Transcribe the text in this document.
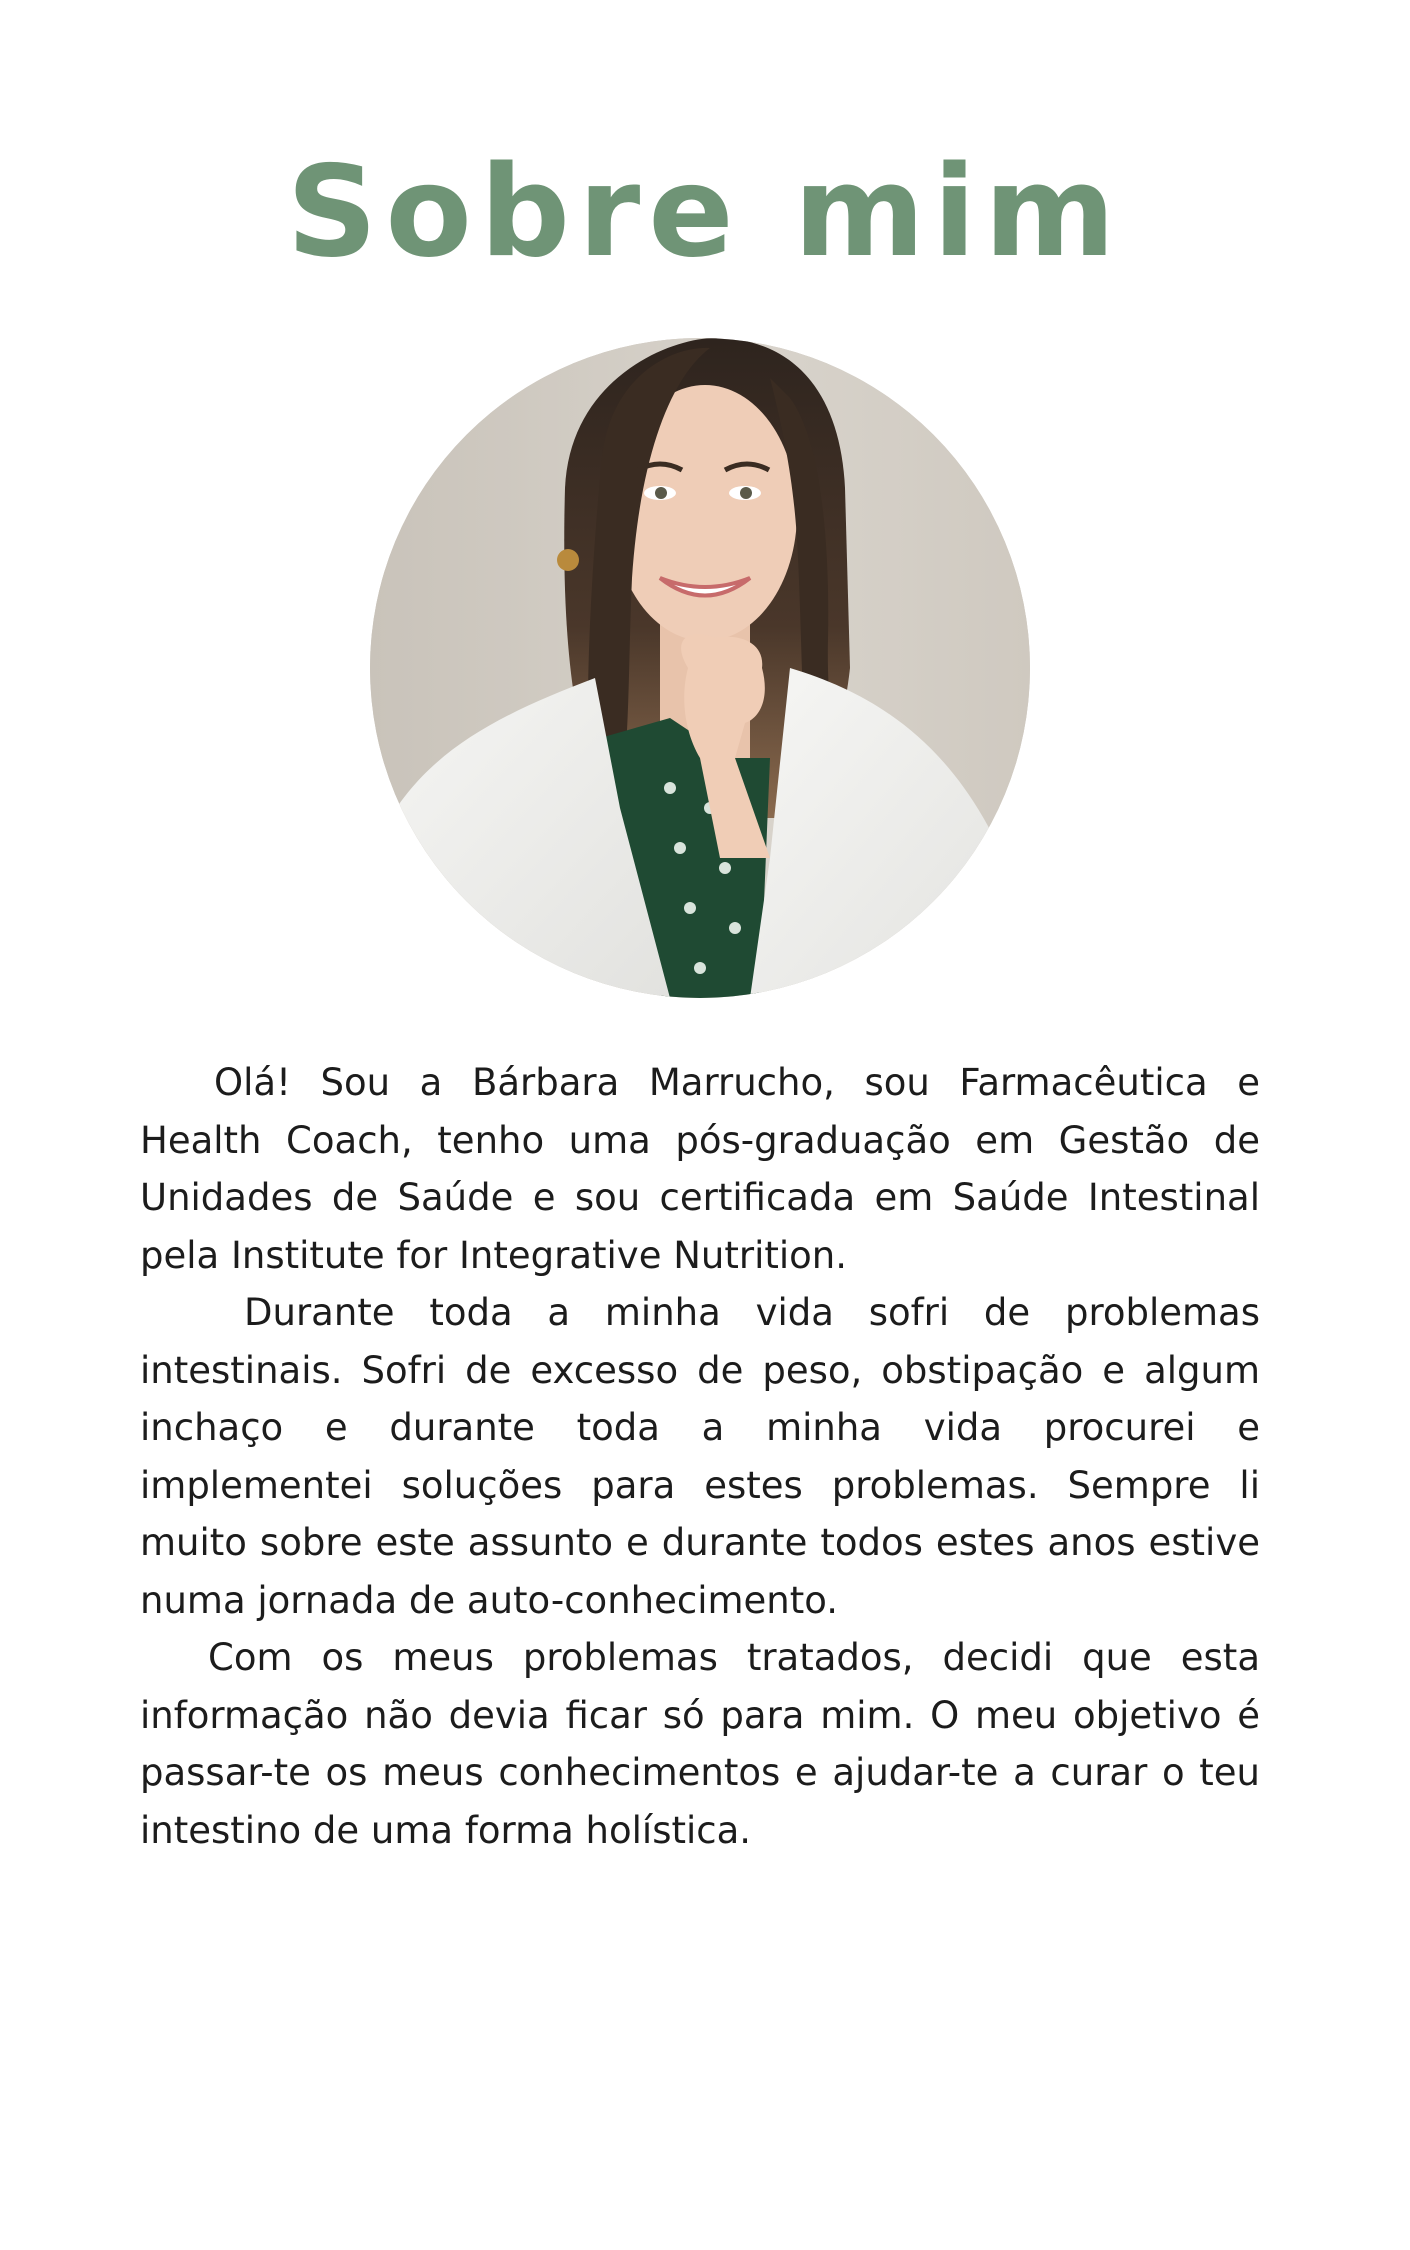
Sobre mim

Olá! Sou a Bárbara Marrucho, sou Farmacêutica e Health Coach, tenho uma pós-graduação em Gestão de Unidades de Saúde e sou certificada em Saúde Intestinal pela Institute for Integrative Nutrition.

Durante toda a minha vida sofri de problemas intestinais. Sofri de excesso de peso, obstipação e algum inchaço e durante toda a minha vida procurei e implementei soluções para estes problemas. Sempre li muito sobre este assunto e durante todos estes anos estive numa jornada de auto-conhecimento.

Com os meus problemas tratados, decidi que esta informação não devia ficar só para mim. O meu objetivo é passar-te os meus conhecimentos e ajudar-te a curar o teu intestino de uma forma holística.
